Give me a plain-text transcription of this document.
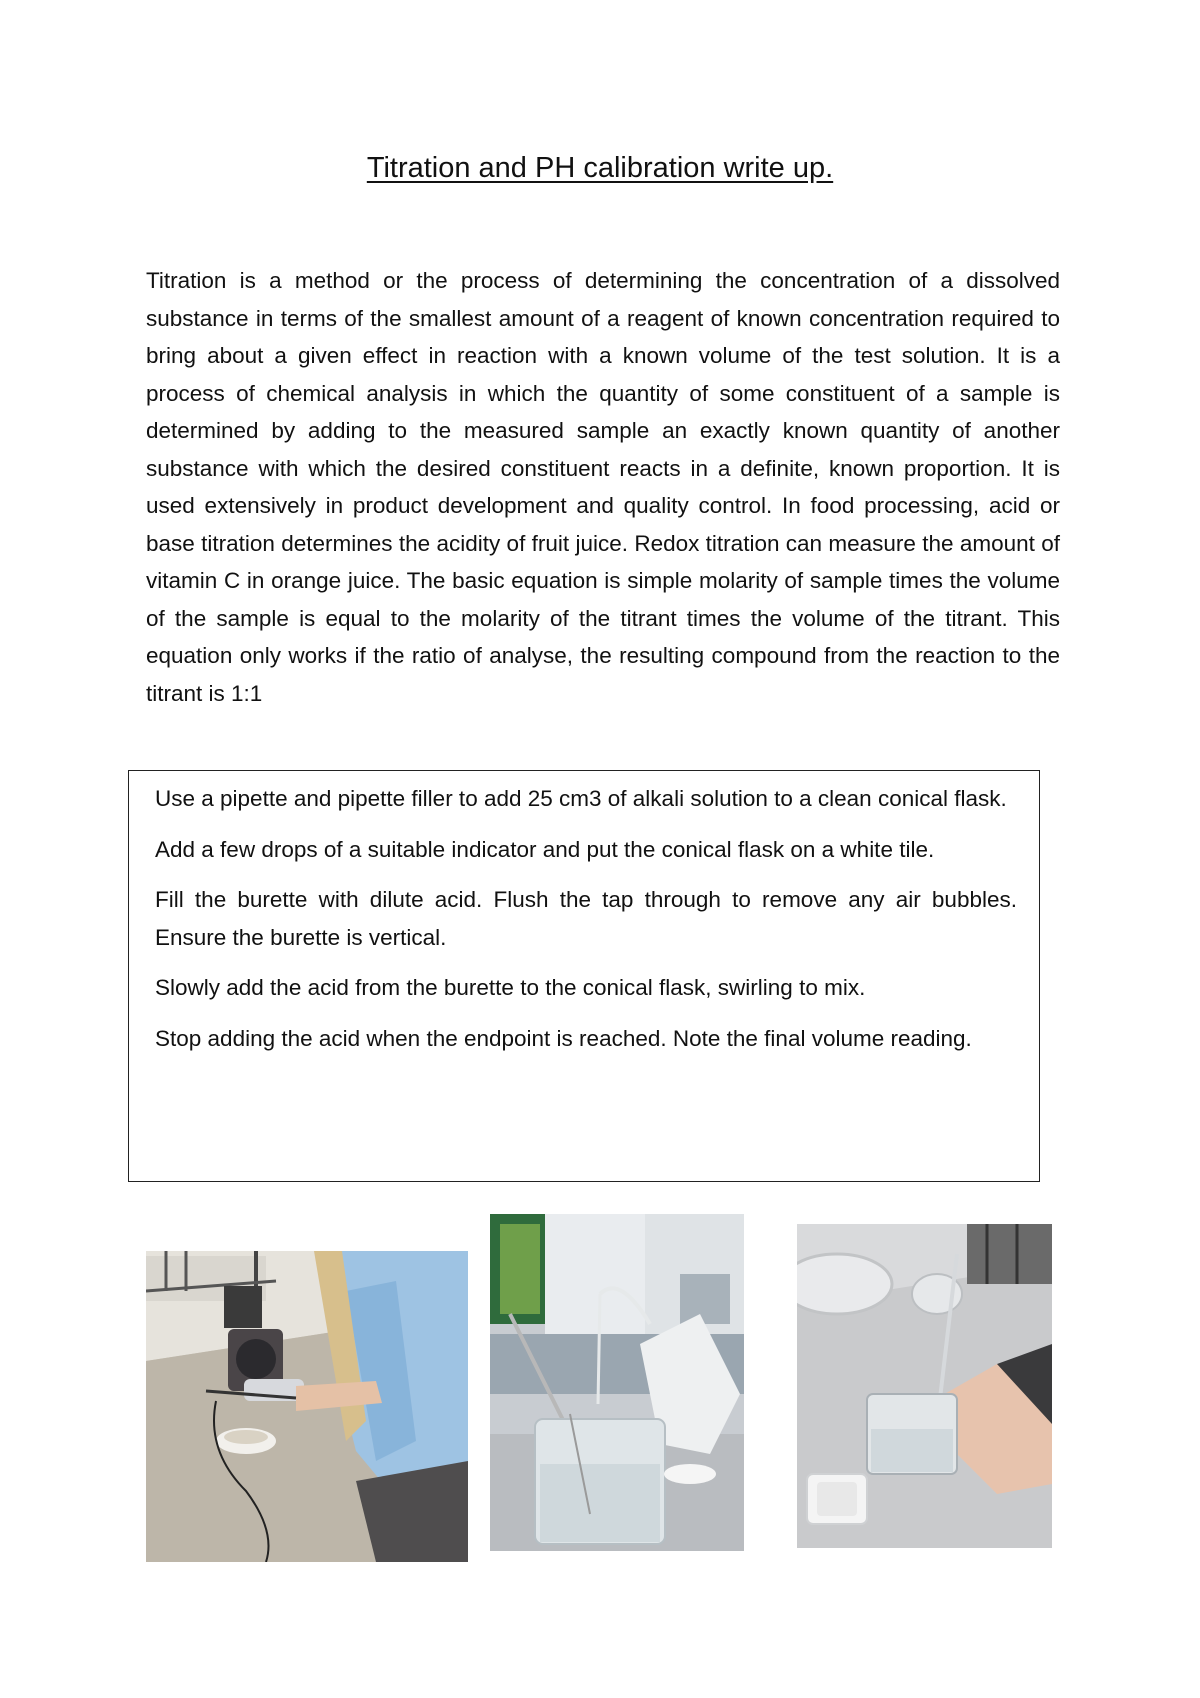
Titration and PH calibration write up.

Titration is a method or the process of determining the concentration of a dissolved substance in terms of the smallest amount of a reagent of known concentration required to bring about a given effect in reaction with a known volume of the test solution. It is a process of chemical analysis in which the quantity of some constituent of a sample is determined by adding to the measured sample an exactly known quantity of another substance with which the desired constituent reacts in a definite, known proportion. It is used extensively in product development and quality control. In food processing, acid or base titration determines the acidity of fruit juice. Redox titration can measure the amount of vitamin C in orange juice. The basic equation is simple molarity of sample times the volume of the sample is equal to the molarity of the titrant times the volume of the titrant. This equation only works if the ratio of analyse, the resulting compound from the reaction to the titrant is 1:1

Use a pipette and pipette filler to add 25 cm3 of alkali solution to a clean conical flask.

Add a few drops of a suitable indicator and put the conical flask on a white tile.

Fill the burette with dilute acid. Flush the tap through to remove any air bubbles. Ensure the burette is vertical.

Slowly add the acid from the burette to the conical flask, swirling to mix.

Stop adding the acid when the endpoint is reached. Note the final volume reading.
